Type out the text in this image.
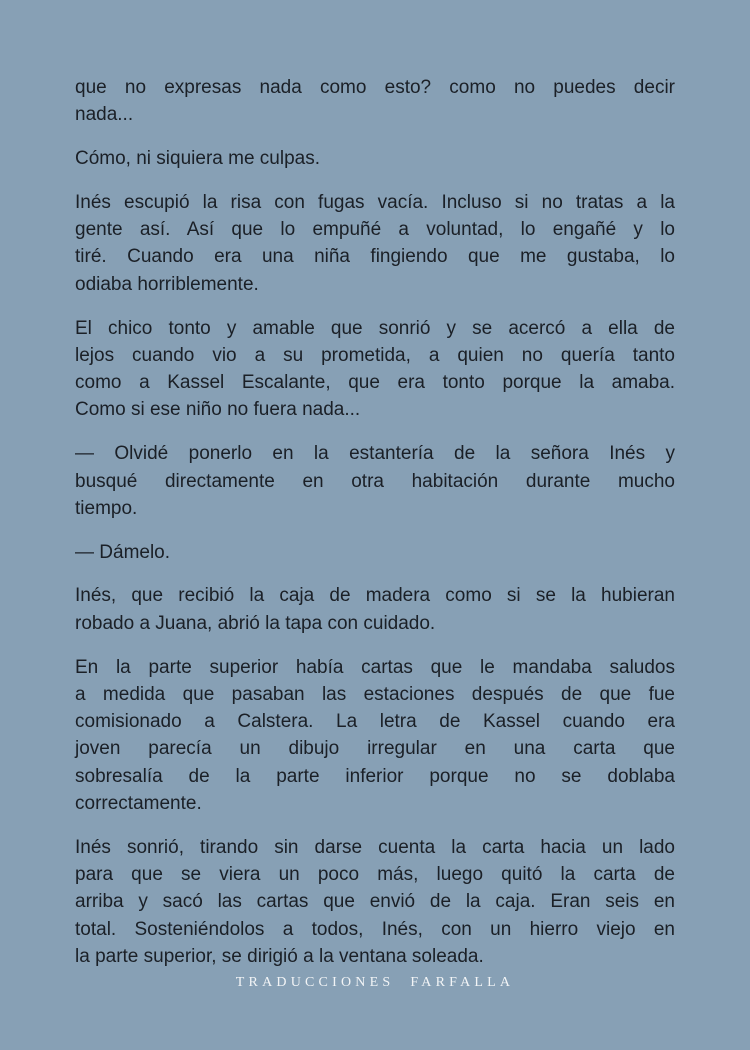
que no expresas nada como esto? como no puedes decir
nada...

Cómo, ni siquiera me culpas.

Inés escupió la risa con fugas vacía. Incluso si no tratas a la
gente así. Así que lo empuñé a voluntad, lo engañé y lo
tiré. Cuando era una niña fingiendo que me gustaba, lo
odiaba horriblemente.

El chico tonto y amable que sonrió y se acercó a ella de
lejos cuando vio a su prometida, a quien no quería tanto
como a Kassel Escalante, que era tonto porque la amaba.
Como si ese niño no fuera nada...

— Olvidé ponerlo en la estantería de la señora Inés y
busqué directamente en otra habitación durante mucho
tiempo.

— Dámelo.

Inés, que recibió la caja de madera como si se la hubieran
robado a Juana, abrió la tapa con cuidado.

En la parte superior había cartas que le mandaba saludos
a medida que pasaban las estaciones después de que fue
comisionado a Calstera. La letra de Kassel cuando era
joven parecía un dibujo irregular en una carta que
sobresalía de la parte inferior porque no se doblaba
correctamente.

Inés sonrió, tirando sin darse cuenta la carta hacia un lado
para que se viera un poco más, luego quitó la carta de
arriba y sacó las cartas que envió de la caja. Eran seis en
total. Sosteniéndolos a todos, Inés, con un hierro viejo en
la parte superior, se dirigió a la ventana soleada.

TRADUCCIONES FARFALLA
